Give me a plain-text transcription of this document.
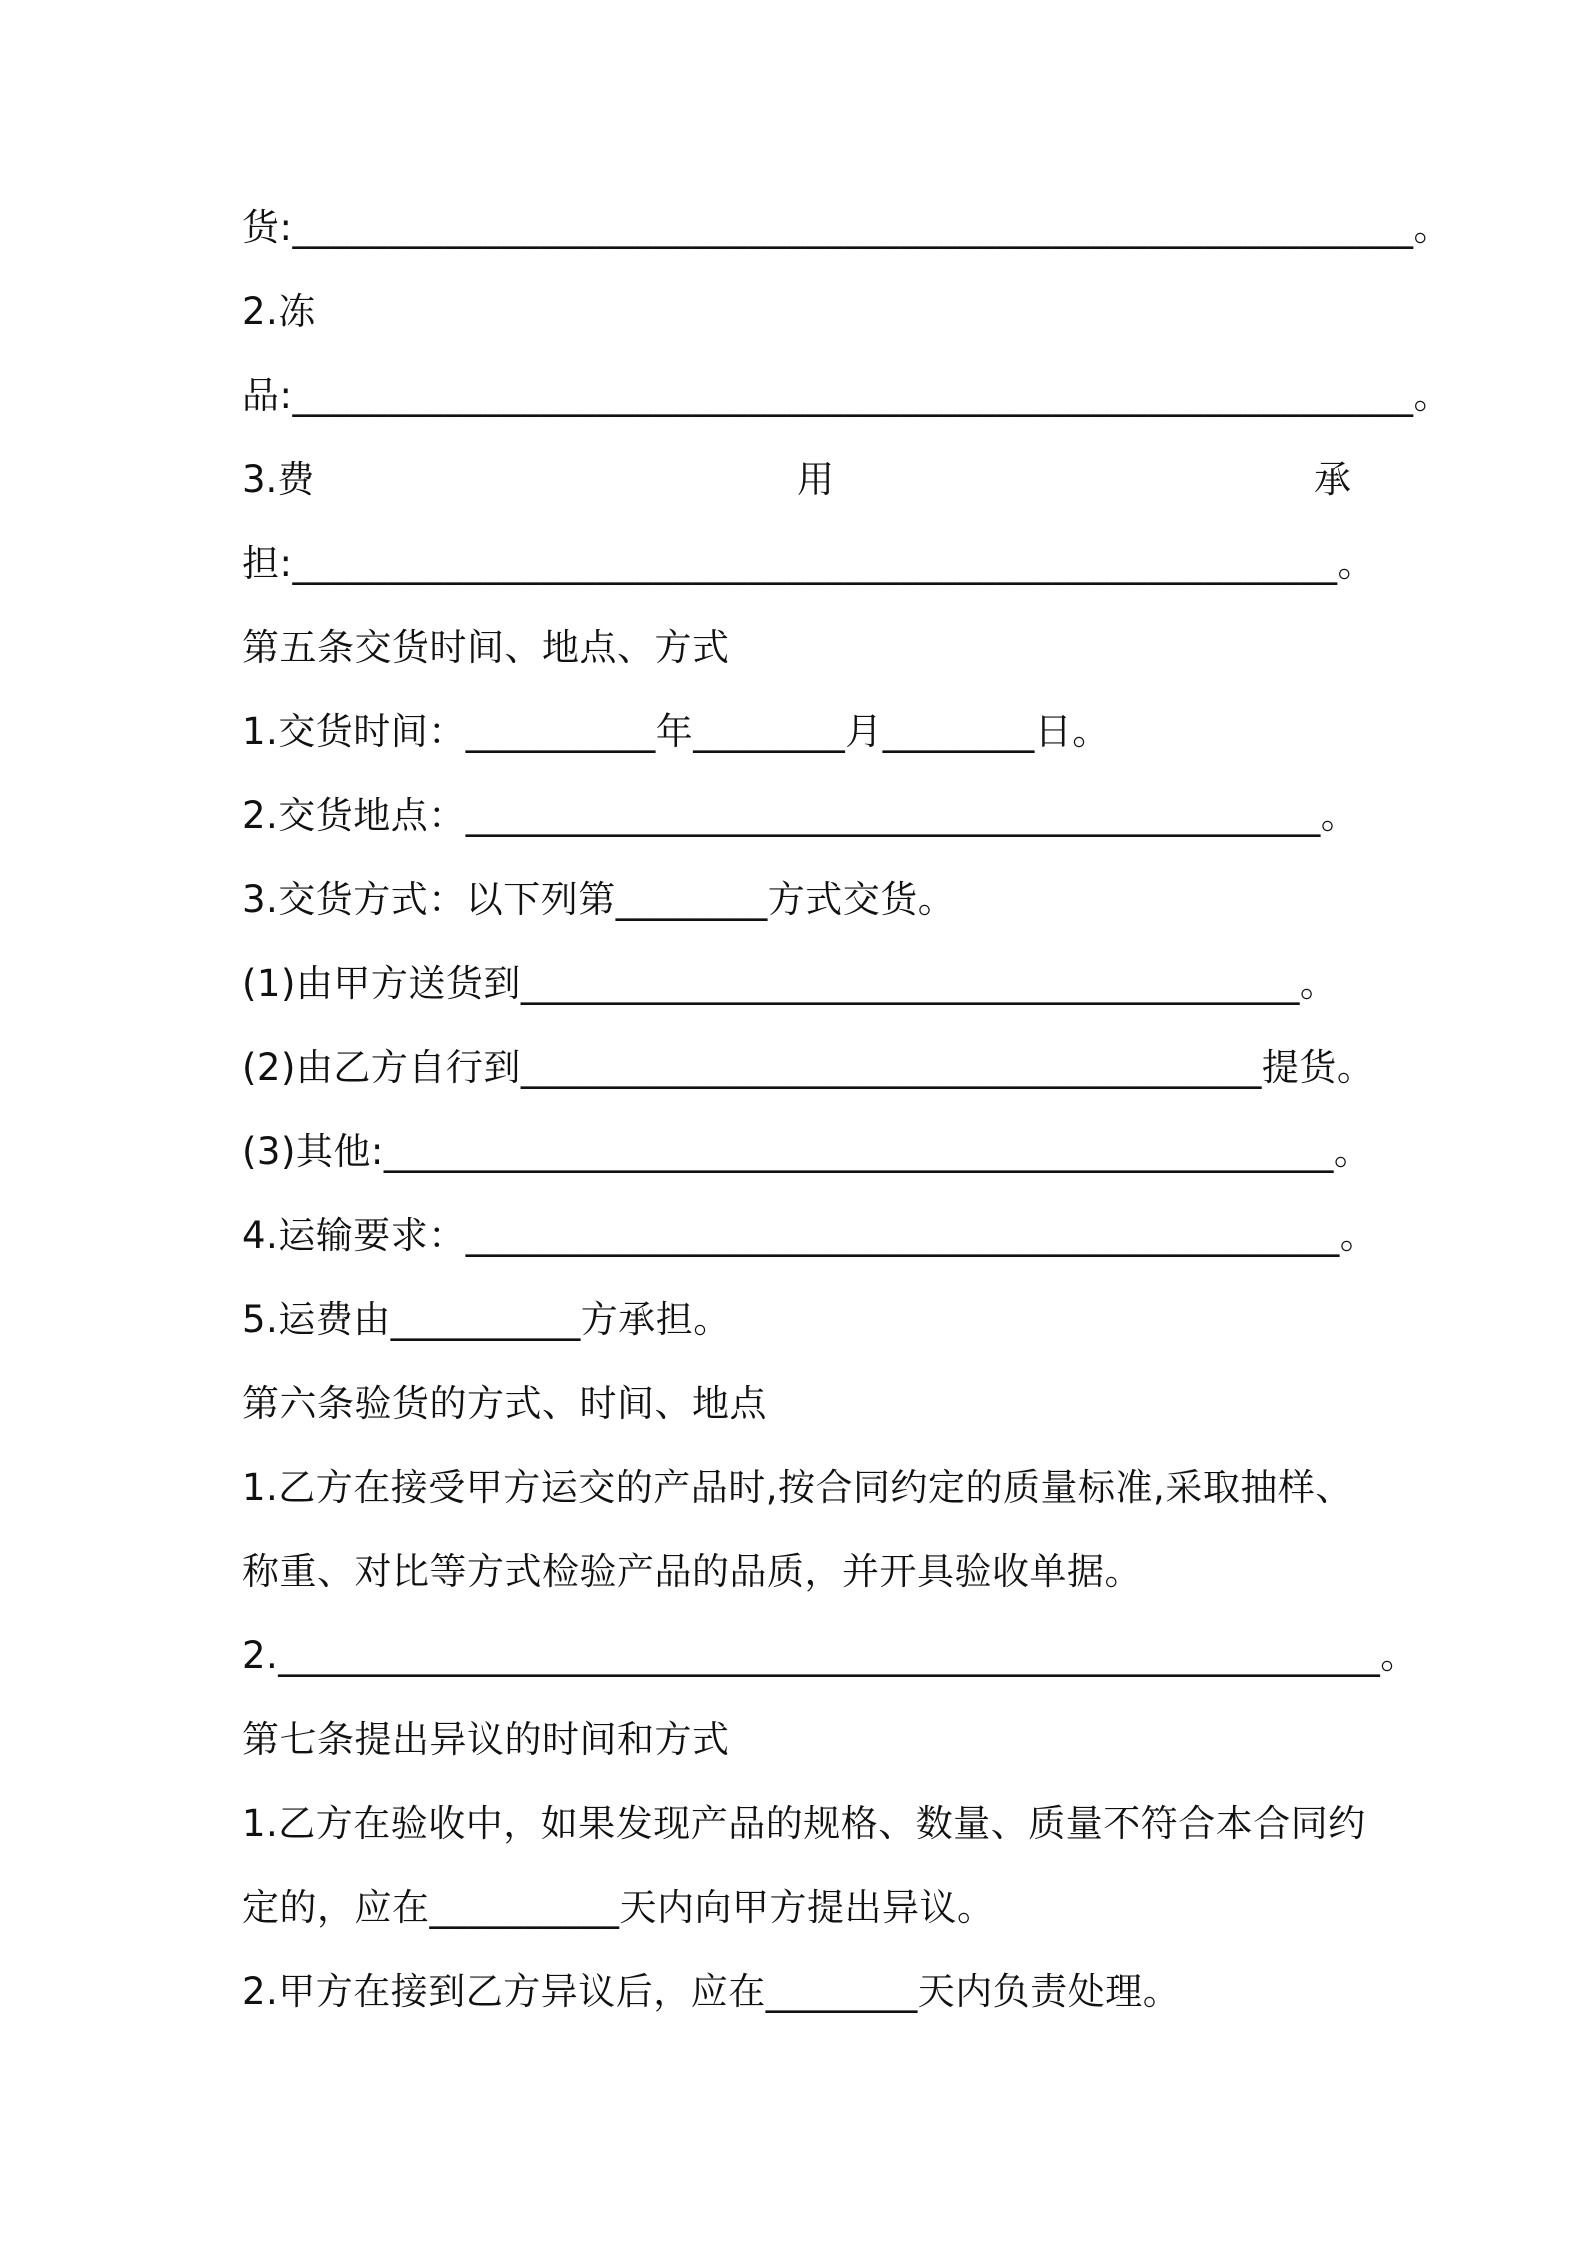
货:___________________________________________________________。
2.冻
品:___________________________________________________________。
3.费	用	承
担:_______________________________________________________。
第五条交货时间、地点、方式
1.交货时间：__________年________月________日。
2.交货地点：_____________________________________________。
3.交货方式：以下列第________方式交货。
(1)由甲方送货到_________________________________________。
(2)由乙方自行到_______________________________________提货。
(3)其他:__________________________________________________。
4.运输要求：______________________________________________。
5.运费由__________方承担。
第六条验货的方式、时间、地点
1.乙方在接受甲方运交的产品时,按合同约定的质量标准,采取抽样、
称重、对比等方式检验产品的品质，并开具验收单据。
2.__________________________________________________________。
第七条提出异议的时间和方式
1.乙方在验收中，如果发现产品的规格、数量、质量不符合本合同约
定的，应在__________天内向甲方提出异议。
2.甲方在接到乙方异议后，应在________天内负责处理。
